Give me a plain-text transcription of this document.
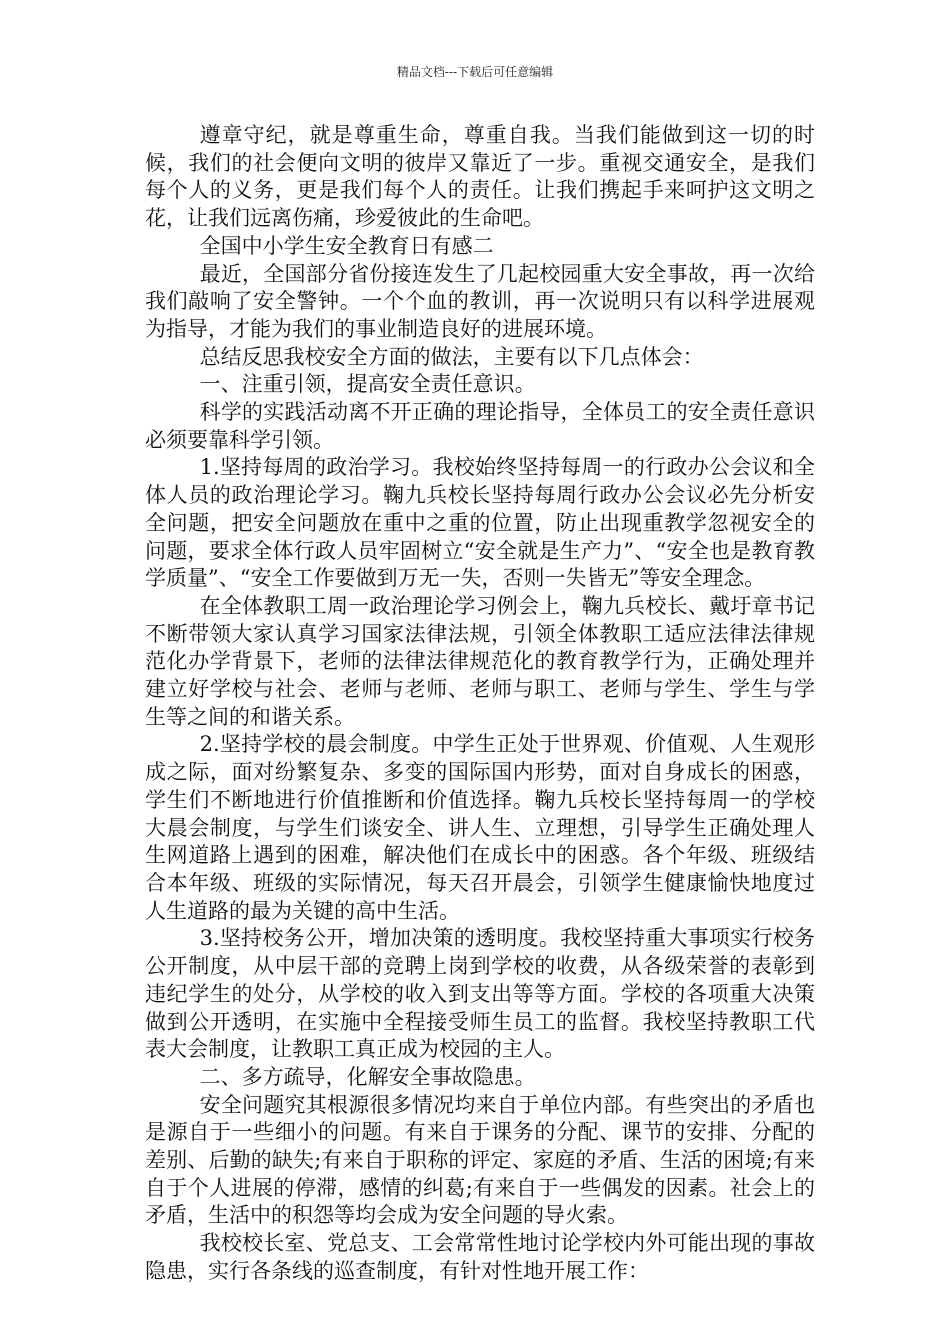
精品文档---下载后可任意编辑

遵章守纪，就是尊重生命，尊重自我。当我们能做到这一切的时候，我们的社会便向文明的彼岸又靠近了一步。重视交通安全，是我们每个人的义务，更是我们每个人的责任。让我们携起手来呵护这文明之花，让我们远离伤痛，珍爱彼此的生命吧。

全国中小学生安全教育日有感二

最近，全国部分省份接连发生了几起校园重大安全事故，再一次给我们敲响了安全警钟。一个个血的教训，再一次说明只有以科学进展观为指导，才能为我们的事业制造良好的进展环境。

总结反思我校安全方面的做法，主要有以下几点体会：

一、注重引领，提高安全责任意识。

科学的实践活动离不开正确的理论指导，全体员工的安全责任意识必须要靠科学引领。

1.坚持每周的政治学习。我校始终坚持每周一的行政办公会议和全体人员的政治理论学习。鞠九兵校长坚持每周行政办公会议必先分析安全问题，把安全问题放在重中之重的位置，防止出现重教学忽视安全的问题，要求全体行政人员牢固树立“安全就是生产力”、“安全也是教育教学质量”、“安全工作要做到万无一失，否则一失皆无”等安全理念。

在全体教职工周一政治理论学习例会上，鞠九兵校长、戴圩章书记不断带领大家认真学习国家法律法规，引领全体教职工适应法律法律规范化办学背景下，老师的法律法律规范化的教育教学行为，正确处理并建立好学校与社会、老师与老师、老师与职工、老师与学生、学生与学生等之间的和谐关系。

2.坚持学校的晨会制度。中学生正处于世界观、价值观、人生观形成之际，面对纷繁复杂、多变的国际国内形势，面对自身成长的困惑，学生们不断地进行价值推断和价值选择。鞠九兵校长坚持每周一的学校大晨会制度，与学生们谈安全、讲人生、立理想，引导学生正确处理人生网道路上遇到的困难，解决他们在成长中的困惑。各个年级、班级结合本年级、班级的实际情况，每天召开晨会，引领学生健康愉快地度过人生道路的最为关键的高中生活。

3.坚持校务公开，增加决策的透明度。我校坚持重大事项实行校务公开制度，从中层干部的竞聘上岗到学校的收费，从各级荣誉的表彰到违纪学生的处分，从学校的收入到支出等等方面。学校的各项重大决策做到公开透明，在实施中全程接受师生员工的监督。我校坚持教职工代表大会制度，让教职工真正成为校园的主人。

二、多方疏导，化解安全事故隐患。

安全问题究其根源很多情况均来自于单位内部。有些突出的矛盾也是源自于一些细小的问题。有来自于课务的分配、课节的安排、分配的差别、后勤的缺失;有来自于职称的评定、家庭的矛盾、生活的困境;有来自于个人进展的停滞，感情的纠葛;有来自于一些偶发的因素。社会上的矛盾，生活中的积怨等均会成为安全问题的导火索。

我校校长室、党总支、工会常常性地讨论学校内外可能出现的事故隐患，实行各条线的巡查制度，有针对性地开展工作：
